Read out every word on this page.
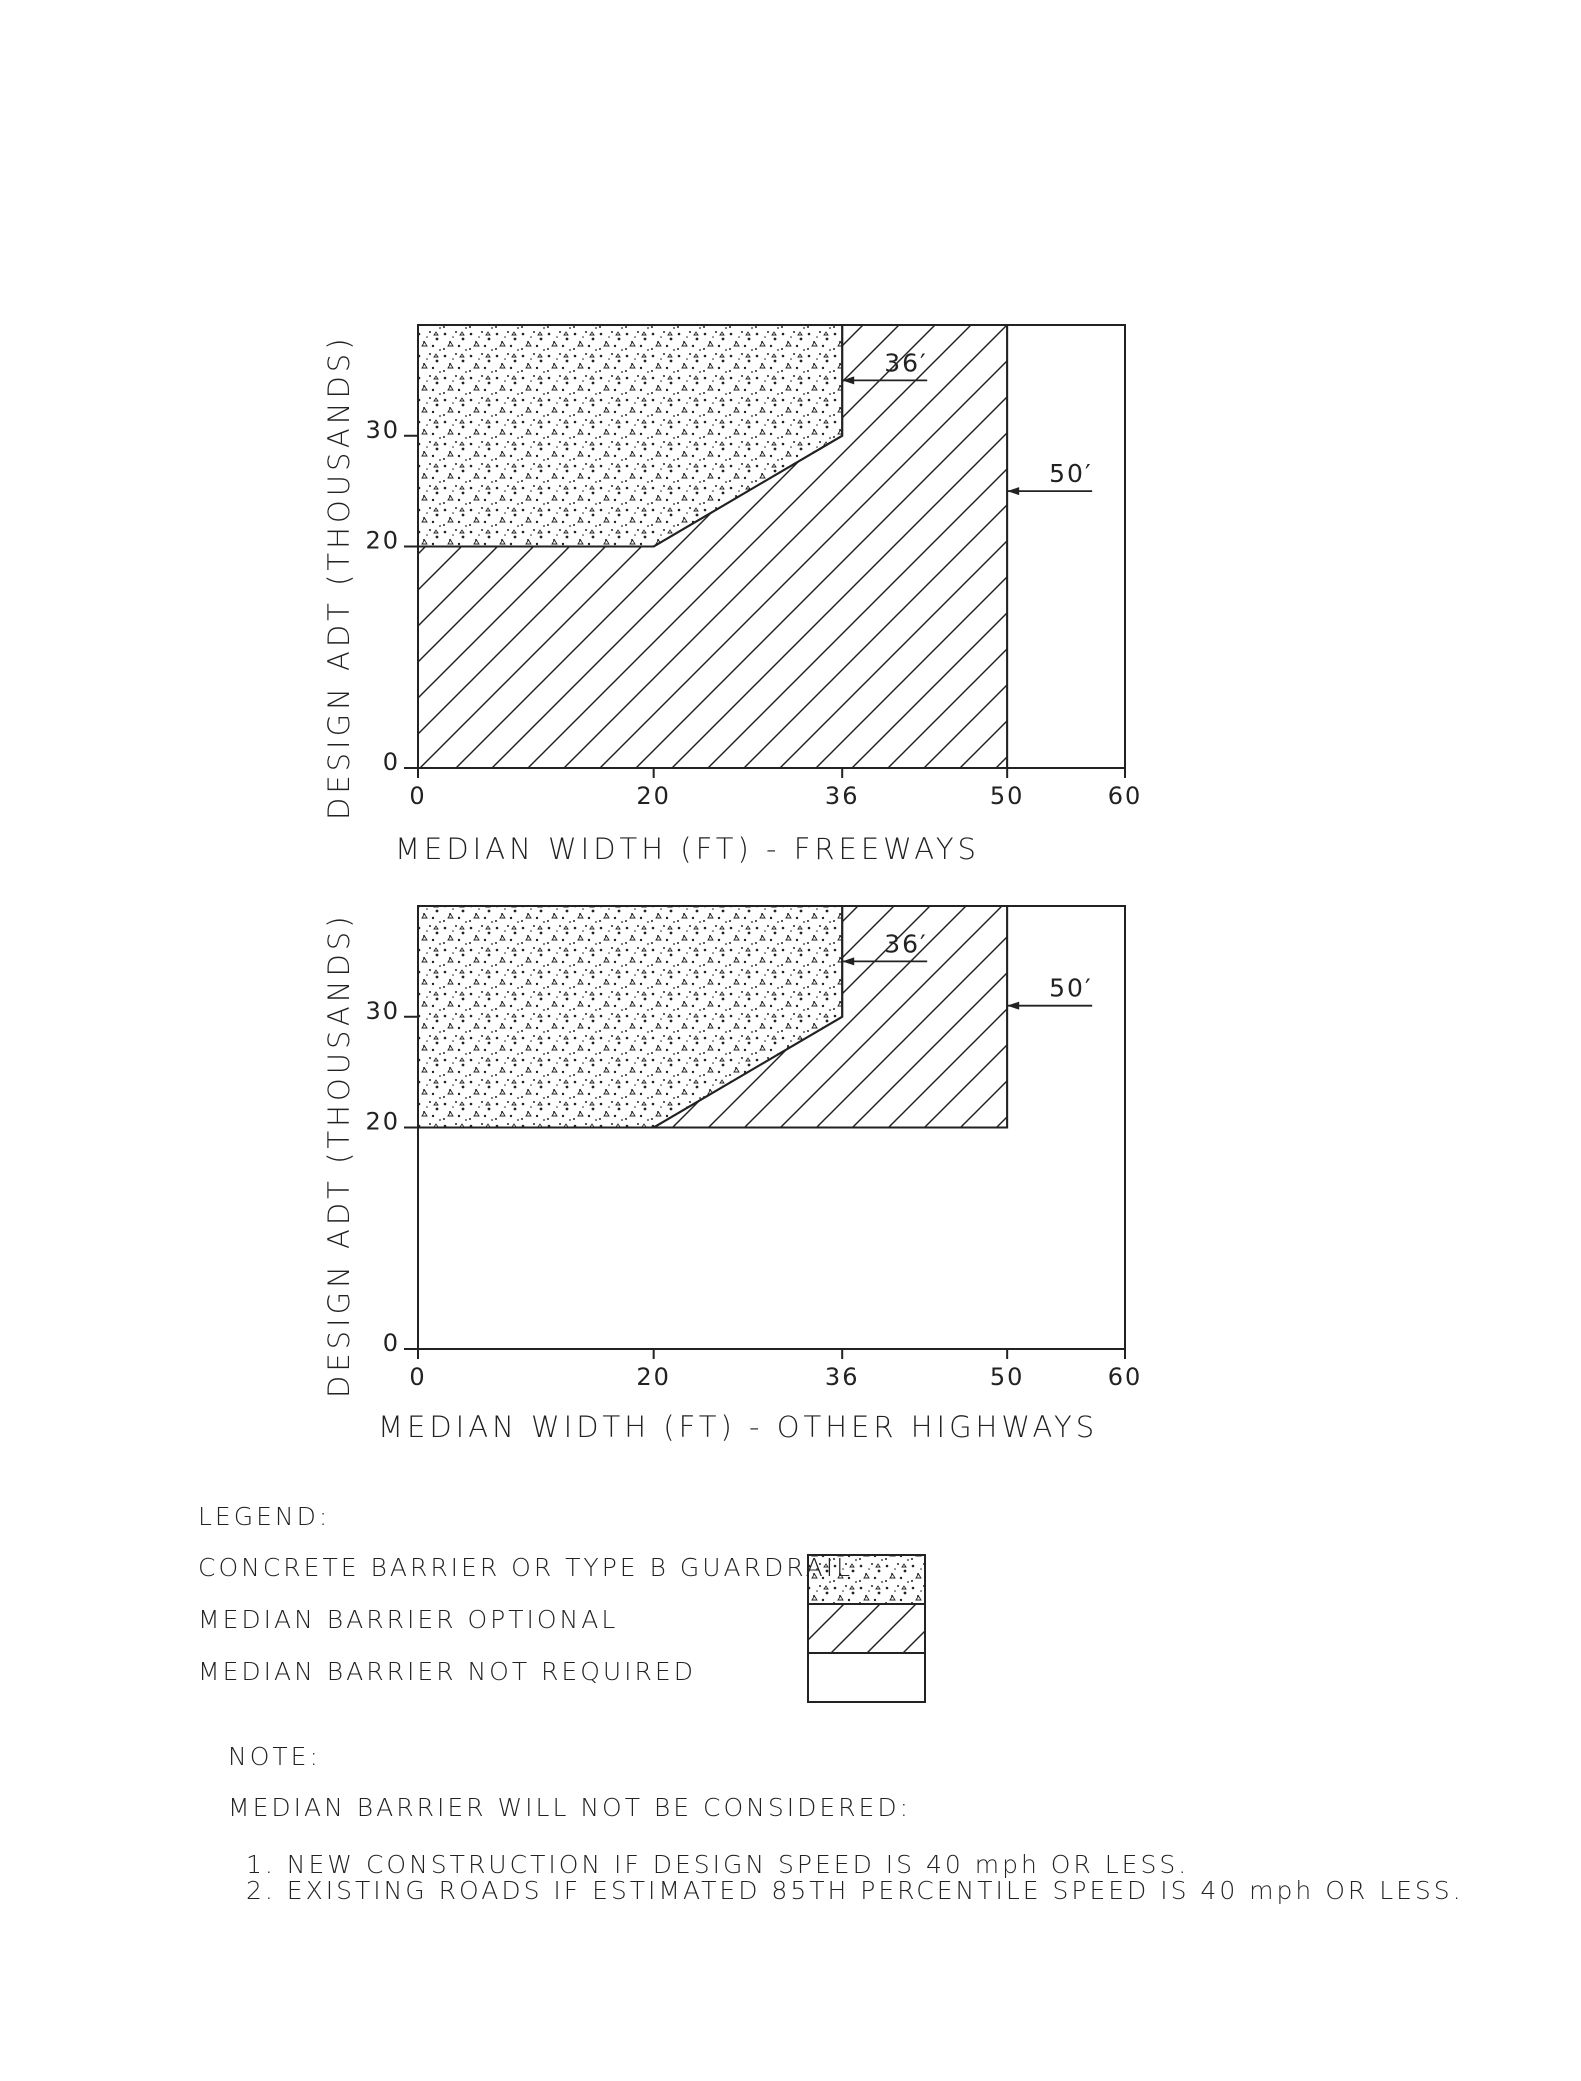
0	20	36	50	60
0
20
30
36′
50′
0	20	36	50	60
0
20
30
36′
50′
MEDIAN WIDTH (FT) - FREEWAYS
DESIGN ADT (THOUSANDS)
MEDIAN WIDTH (FT) - OTHER HIGHWAYS
DESIGN ADT (THOUSANDS)
LEGEND:
CONCRETE BARRIER OR TYPE B GUARDRAIL
MEDIAN BARRIER OPTIONAL
MEDIAN BARRIER NOT REQUIRED
NOTE:
MEDIAN BARRIER WILL NOT BE CONSIDERED:
1. NEW CONSTRUCTION IF DESIGN SPEED IS 40 mph OR LESS.
2. EXISTING ROADS IF ESTIMATED 85TH PERCENTILE SPEED IS 40 mph OR LESS.
